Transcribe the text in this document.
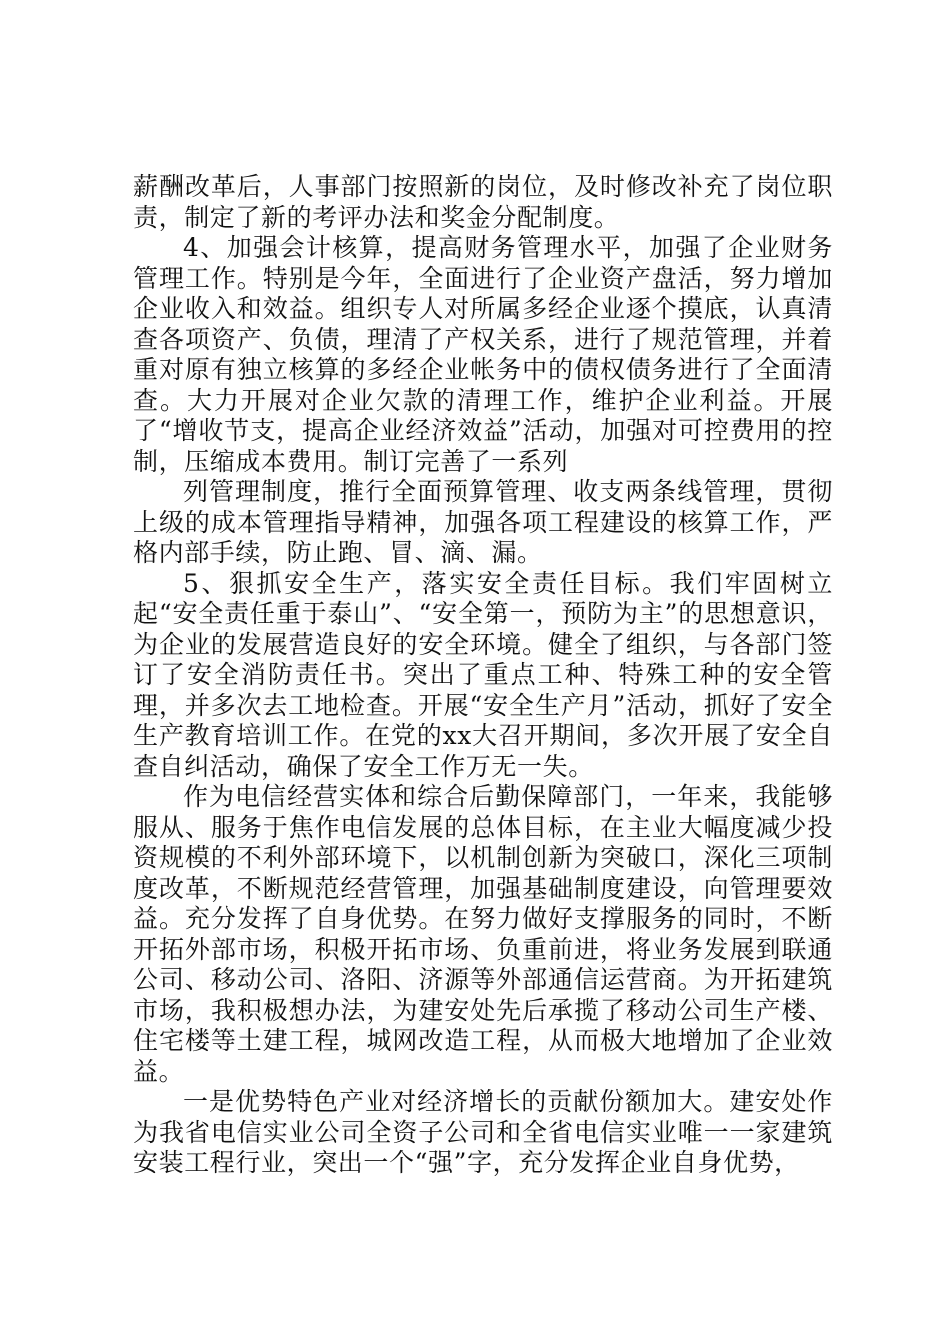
薪酬改革后，人事部门按照新的岗位，及时修改补充了岗位职责，制定了新的考评办法和奖金分配制度。

4、加强会计核算，提高财务管理水平，加强了企业财务管理工作。特别是今年，全面进行了企业资产盘活，努力增加企业收入和效益。组织专人对所属多经企业逐个摸底，认真清查各项资产、负债，理清了产权关系，进行了规范管理，并着重对原有独立核算的多经企业帐务中的债权债务进行了全面清查。大力开展对企业欠款的清理工作，维护企业利益。开展了“增收节支，提高企业经济效益”活动，加强对可控费用的控制，压缩成本费用。制订完善了一系列

列管理制度，推行全面预算管理、收支两条线管理，贯彻上级的成本管理指导精神，加强各项工程建设的核算工作，严格内部手续，防止跑、冒、滴、漏。

5、狠抓安全生产，落实安全责任目标。我们牢固树立起“安全责任重于泰山”、“安全第一，预防为主”的思想意识，为企业的发展营造良好的安全环境。健全了组织，与各部门签订了安全消防责任书。突出了重点工种、特殊工种的安全管理，并多次去工地检查。开展“安全生产月”活动，抓好了安全生产教育培训工作。在党的xx大召开期间，多次开展了安全自查自纠活动，确保了安全工作万无一失。

作为电信经营实体和综合后勤保障部门，一年来，我能够服从、服务于焦作电信发展的总体目标，在主业大幅度减少投资规模的不利外部环境下，以机制创新为突破口，深化三项制度改革，不断规范经营管理，加强基础制度建设，向管理要效益。充分发挥了自身优势。在努力做好支撑服务的同时，不断开拓外部市场，积极开拓市场、负重前进，将业务发展到联通公司、移动公司、洛阳、济源等外部通信运营商。为开拓建筑市场，我积极想办法，为建安处先后承揽了移动公司生产楼、住宅楼等土建工程，城网改造工程，从而极大地增加了企业效益。

一是优势特色产业对经济增长的贡献份额加大。建安处作为我省电信实业公司全资子公司和全省电信实业唯一一家建筑安装工程行业，突出一个“强”字，充分发挥企业自身优势，
